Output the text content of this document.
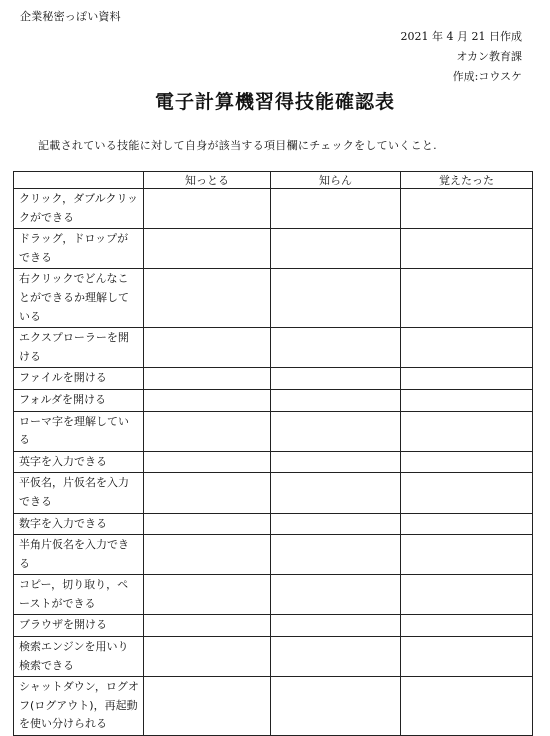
企業秘密っぽい資料
2021 年 4 月 21 日作成
オカン教育課
作成:コウスケ
電子計算機習得技能確認表
記載されている技能に対して自身が該当する項目欄にチェックをしていくこと.
	知っとる	知らん	覚えたった
クリック，ダブルクリックができる			
ドラッグ，ドロップができる			
右クリックでどんなことができるか理解している			
エクスプローラーを開ける			
ファイルを開ける			
フォルダを開ける			
ローマ字を理解している			
英字を入力できる			
平仮名，片仮名を入力できる			
数字を入力できる			
半角片仮名を入力できる			
コピー，切り取り，ペーストができる			
ブラウザを開ける			
検索エンジンを用いり検索できる			
シャットダウン，ログオフ(ログアウト)，再起動を使い分けられる			
